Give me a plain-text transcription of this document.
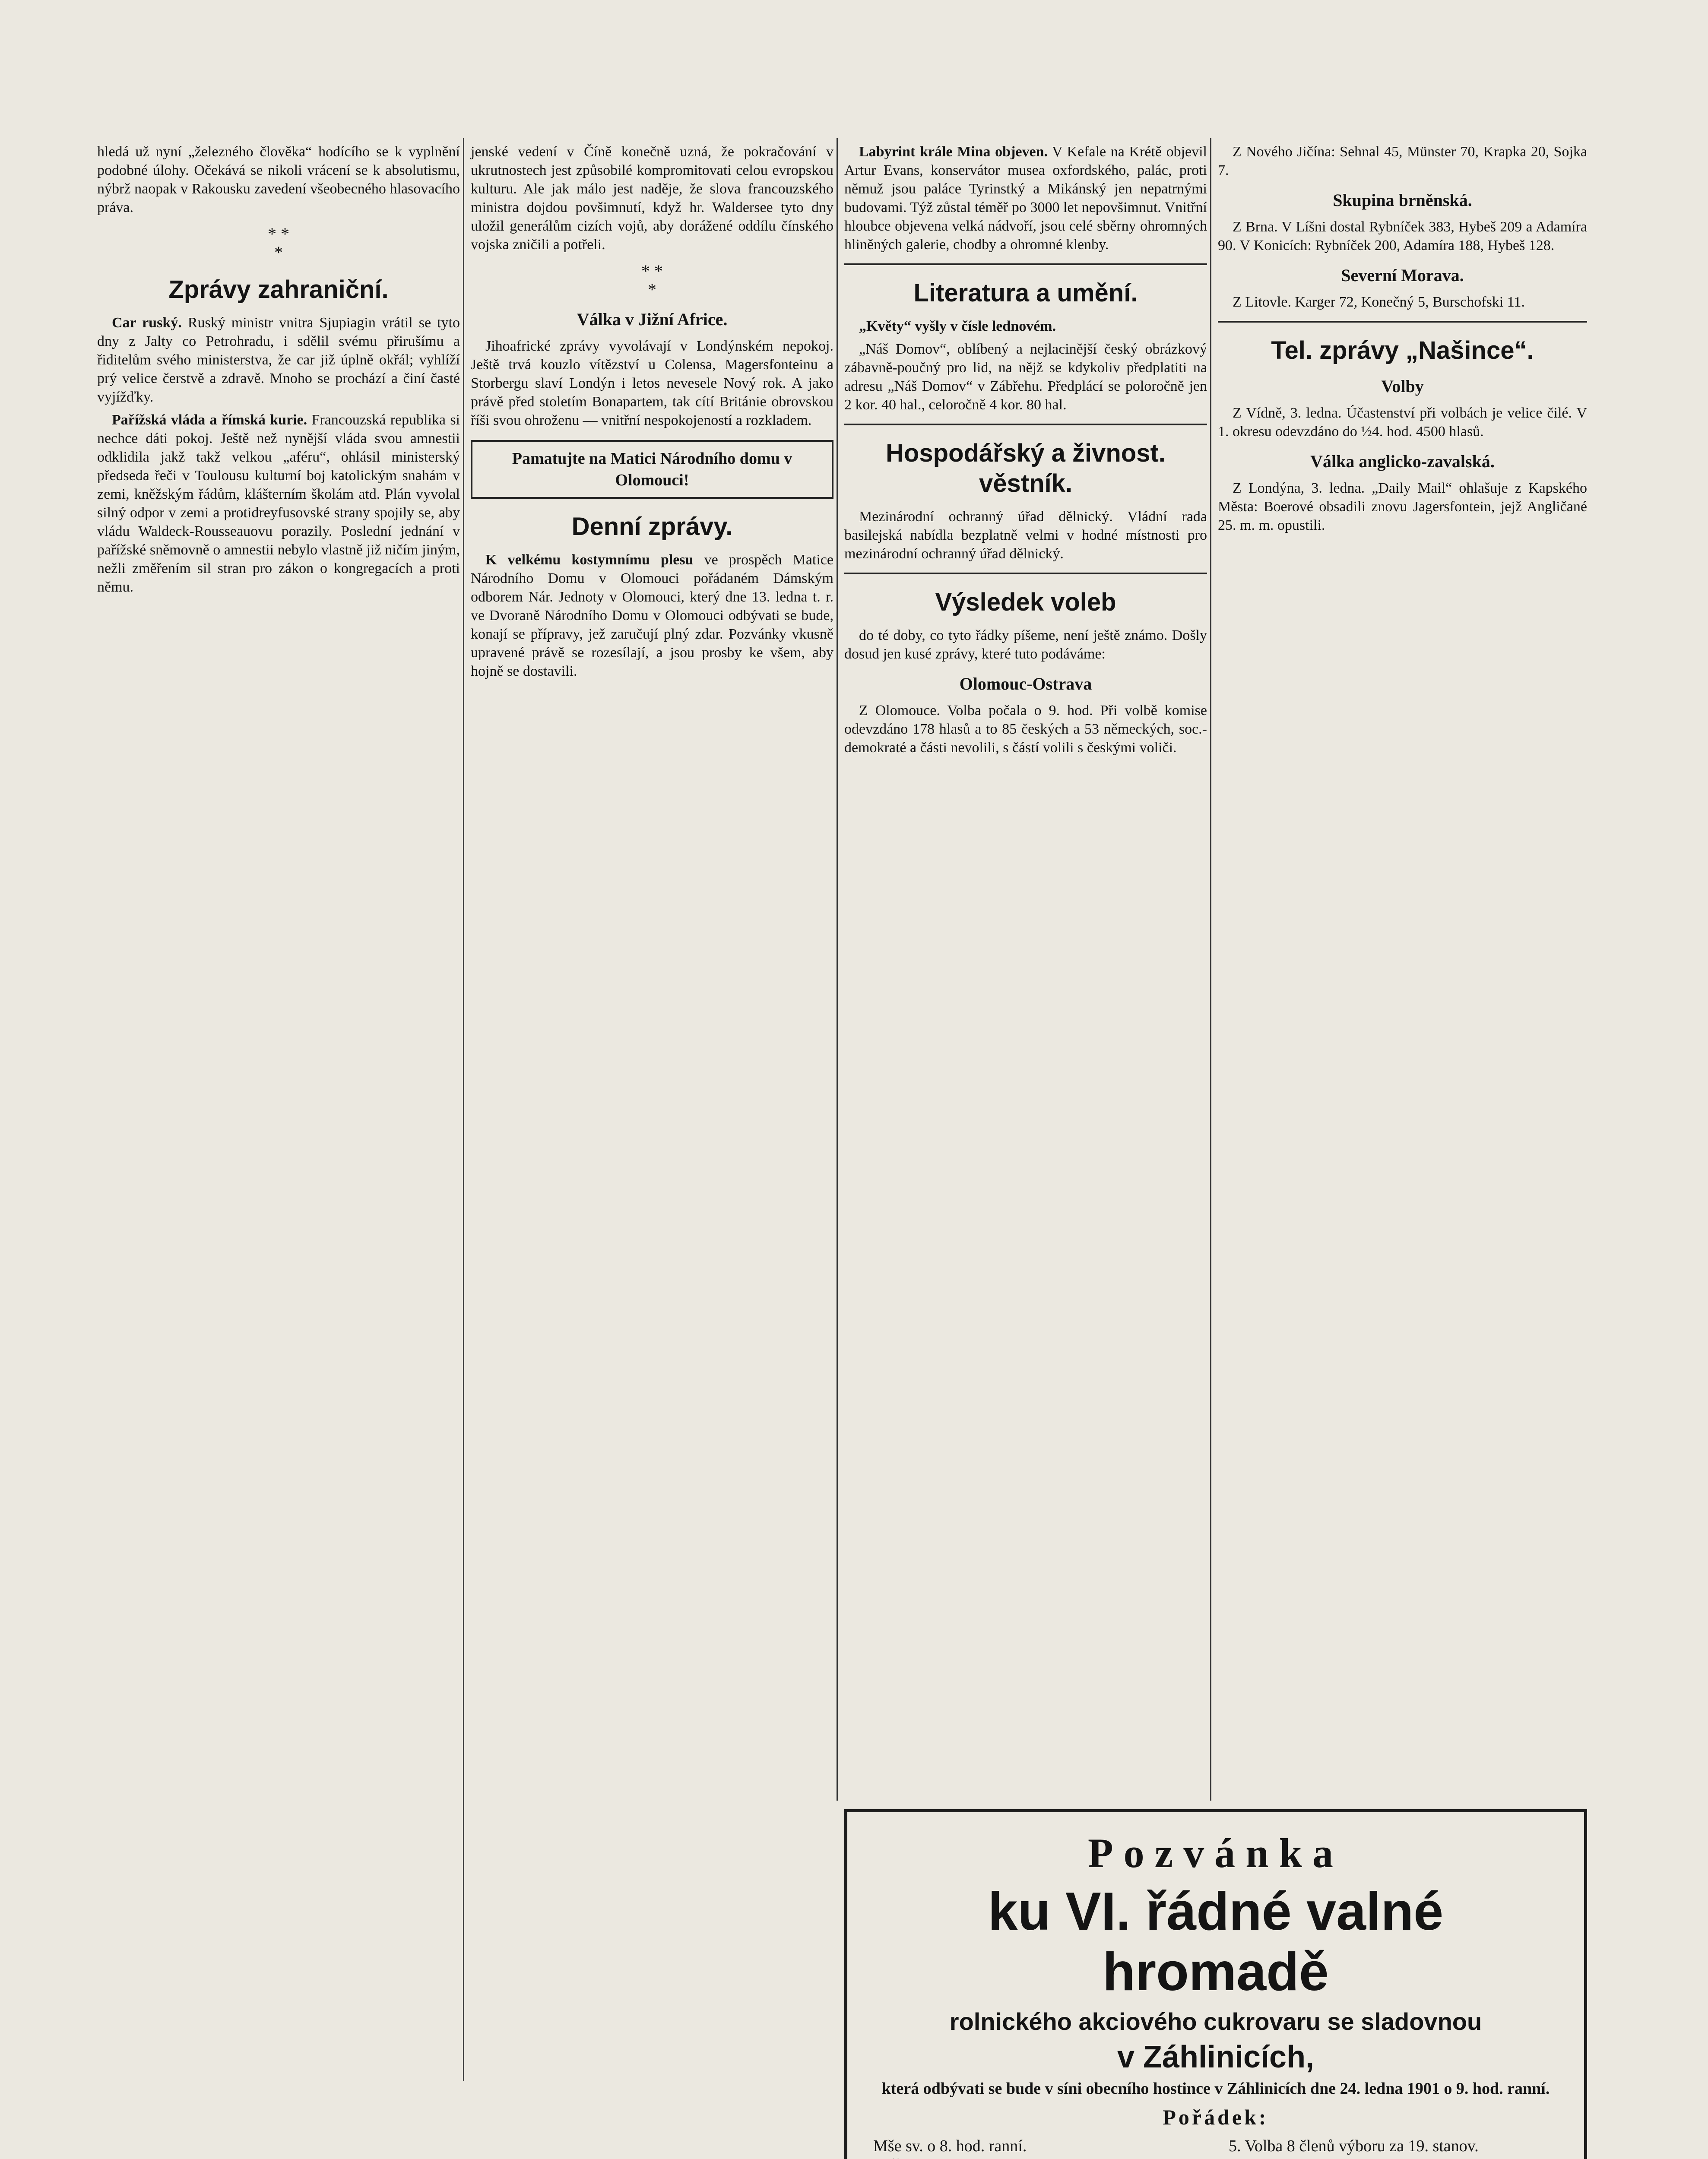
hledá už nyní „železného člověka“ hodícího se k vyplnění podobné úlohy. Očekává se nikoli vrácení se k absolutismu, nýbrž naopak v Rakousku zavedení všeobecného hlasovacího práva.

* *
*
Zprávy zahraniční.

Car ruský. Ruský ministr vnitra Sjupiagin vrátil se tyto dny z Jalty co Petrohradu, i sdělil svému přirušímu a řiditelům svého ministerstva, že car již úplně okřál; vyhlíží prý velice čerstvě a zdravě. Mnoho se prochází a činí časté vyjížďky.

Pařížská vláda a římská kurie. Francouzská republika si nechce dáti pokoj. Ještě než nynější vláda svou amnestii odklidila jakž takž velkou „aféru“, ohlásil ministerský předseda řeči v Toulousu kulturní boj katolickým snahám v zemi, kněžským řádům, klášterním školám atd. Plán vyvolal silný odpor v zemi a protidreyfusovské strany spojily se, aby vládu Waldeck-Rousseauovu porazily. Poslední jednání v pařížské sněmovně o amnestii nebylo vlastně již ničím jiným, nežli změřením sil stran pro zákon o kongregacích a proti němu.

jenské vedení v Číně konečně uzná, že pokračování v ukrutnostech jest způsobilé kompromitovati celou evropskou kulturu. Ale jak málo jest naděje, že slova francouzského ministra dojdou povšimnutí, když hr. Waldersee tyto dny uložil generálům cizích vojů, aby dorážené oddílu čínského vojska zničili a potřeli.

* *
*
Válka v Jižní Africe.

Jihoafrické zprávy vyvolávají v Londýnském nepokoj. Ještě trvá kouzlo vítězství u Colensa, Magersfonteinu a Storbergu slaví Londýn i letos nevesele Nový rok. A jako právě před stoletím Bonapartem, tak cítí Británie obrovskou říši svou ohroženu — vnitřní nespokojeností a rozkladem.

Pamatujte na Matici Národního domu v Olomouci!
Denní zprávy.

K velkému kostymnímu plesu ve prospěch Matice Národního Domu v Olomouci pořádaném Dámským odborem Nár. Jednoty v Olomouci, který dne 13. ledna t. r. ve Dvoraně Národního Domu v Olomouci odbývati se bude, konají se přípravy, jež zaručují plný zdar. Pozvánky vkusně upravené právě se rozesílají, a jsou prosby ke všem, aby hojně se dostavili.

Labyrint krále Mina objeven. V Kefale na Krétě objevil Artur Evans, konservátor musea oxfordského, palác, proti němuž jsou paláce Tyrinstký a Mikánský jen nepatrnými budovami. Týž zůstal téměř po 3000 let nepovšimnut. Vnitřní hloubce objevena velká nádvoří, jsou celé sběrny ohromných hliněných galerie, chodby a ohromné klenby.

Literatura a umění.

„Květy“ vyšly v čísle lednovém.

„Náš Domov“, oblíbený a nejlacinější český obrázkový zábavně-poučný pro lid, na nějž se kdykoliv předplatiti na adresu „Náš Domov“ v Zábřehu. Předplácí se poloročně jen 2 kor. 40 hal., celoročně 4 kor. 80 hal.

Hospodářský a živnost. věstník.

Mezinárodní ochranný úřad dělnický. Vládní rada basilejská nabídla bezplatně velmi v hodné místnosti pro mezinárodní ochranný úřad dělnický.

Výsledek voleb

do té doby, co tyto řádky píšeme, není ještě známo. Došly dosud jen kusé zprávy, které tuto podáváme:

Olomouc-Ostrava

Z Olomouce. Volba počala o 9. hod. Při volbě komise odevzdáno 178 hlasů a to 85 českých a 53 německých, soc.-demokraté a části nevolili, s částí volili s českými voliči.

Z Nového Jičína: Sehnal 45, Münster 70, Krapka 20, Sojka 7.

Skupina brněnská.

Z Brna. V Líšni dostal Rybníček 383, Hybeš 209 a Adamíra 90. V Konicích: Rybníček 200, Adamíra 188, Hybeš 128.

Severní Morava.

Z Litovle. Karger 72, Konečný 5, Burschofski 11.

Tel. zprávy „Našince“.
Volby

Z Vídně, 3. ledna. Účastenství při volbách je velice čilé. V 1. okresu odevzdáno do ½4. hod. 4500 hlasů.

Válka anglicko-zavalská.

Z Londýna, 3. ledna. „Daily Mail“ ohlašuje z Kapského Města: Boerové obsadili znovu Jagersfontein, jejž Angličané 25. m. m. opustili.

Pozvánka

ku VI. řádné valné hromadě

rolnického akciového cukrovaru se sladovnou

v Záhlinicích,

která odbývati se bude v síni obecního hostince v Záhlinicích dne 24. ledna 1901 o 9. hod. ranní.

Pořádek:

Mše sv. o 8. hod. ranní.	5. Volba 8 členů výboru za 19. stanov.
